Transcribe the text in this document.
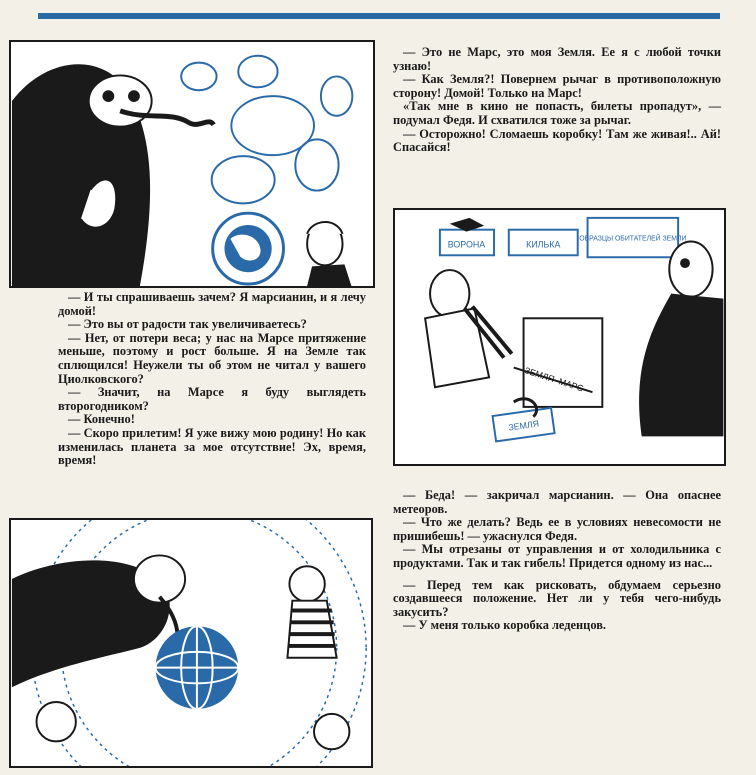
ВОРОНА	КИЛЬКА
ОБРАЗЦЫ ОБИТАТЕЛЕЙ ЗЕМЛИ
ЗЕМЛЯ–МАРС
ЗЕМЛЯ

— И ты спрашиваешь зачем? Я марсианин, и я лечу домой!

— Это вы от радости так увеличиваетесь?

— Нет, от потери веса; у нас на Марсе притяжение меньше, поэтому и рост больше. Я на Земле так сплющился! Неужели ты об этом не читал у вашего Циолковского?

— Значит, на Марсе я буду выглядеть второгодником?

— Конечно!

— Скоро прилетим! Я уже вижу мою родину! Но как изменилась планета за мое отсутствие! Эх, время, время!

— Это не Марс, это моя Земля. Ее я с любой точки узнаю!

— Как Земля?! Повернем рычаг в противоположную сторону! Домой! Только на Марс!

«Так мне в кино не попасть, билеты пропадут», — подумал Федя. И схватился тоже за рычаг.

— Осторожно! Сломаешь коробку! Там же живая!.. Ай! Спасайся!

— Беда! — закричал марсианин. — Она опаснее метеоров.

— Что же делать? Ведь ее в условиях невесомости не пришибешь! — ужаснулся Федя.

— Мы отрезаны от управления и от холодильника с продуктами. Так и так гибель! Придется одному из нас...

— Перед тем как рисковать, обдумаем серьезно создавшееся положение. Нет ли у тебя чего-нибудь закусить?

— У меня только коробка леденцов.
